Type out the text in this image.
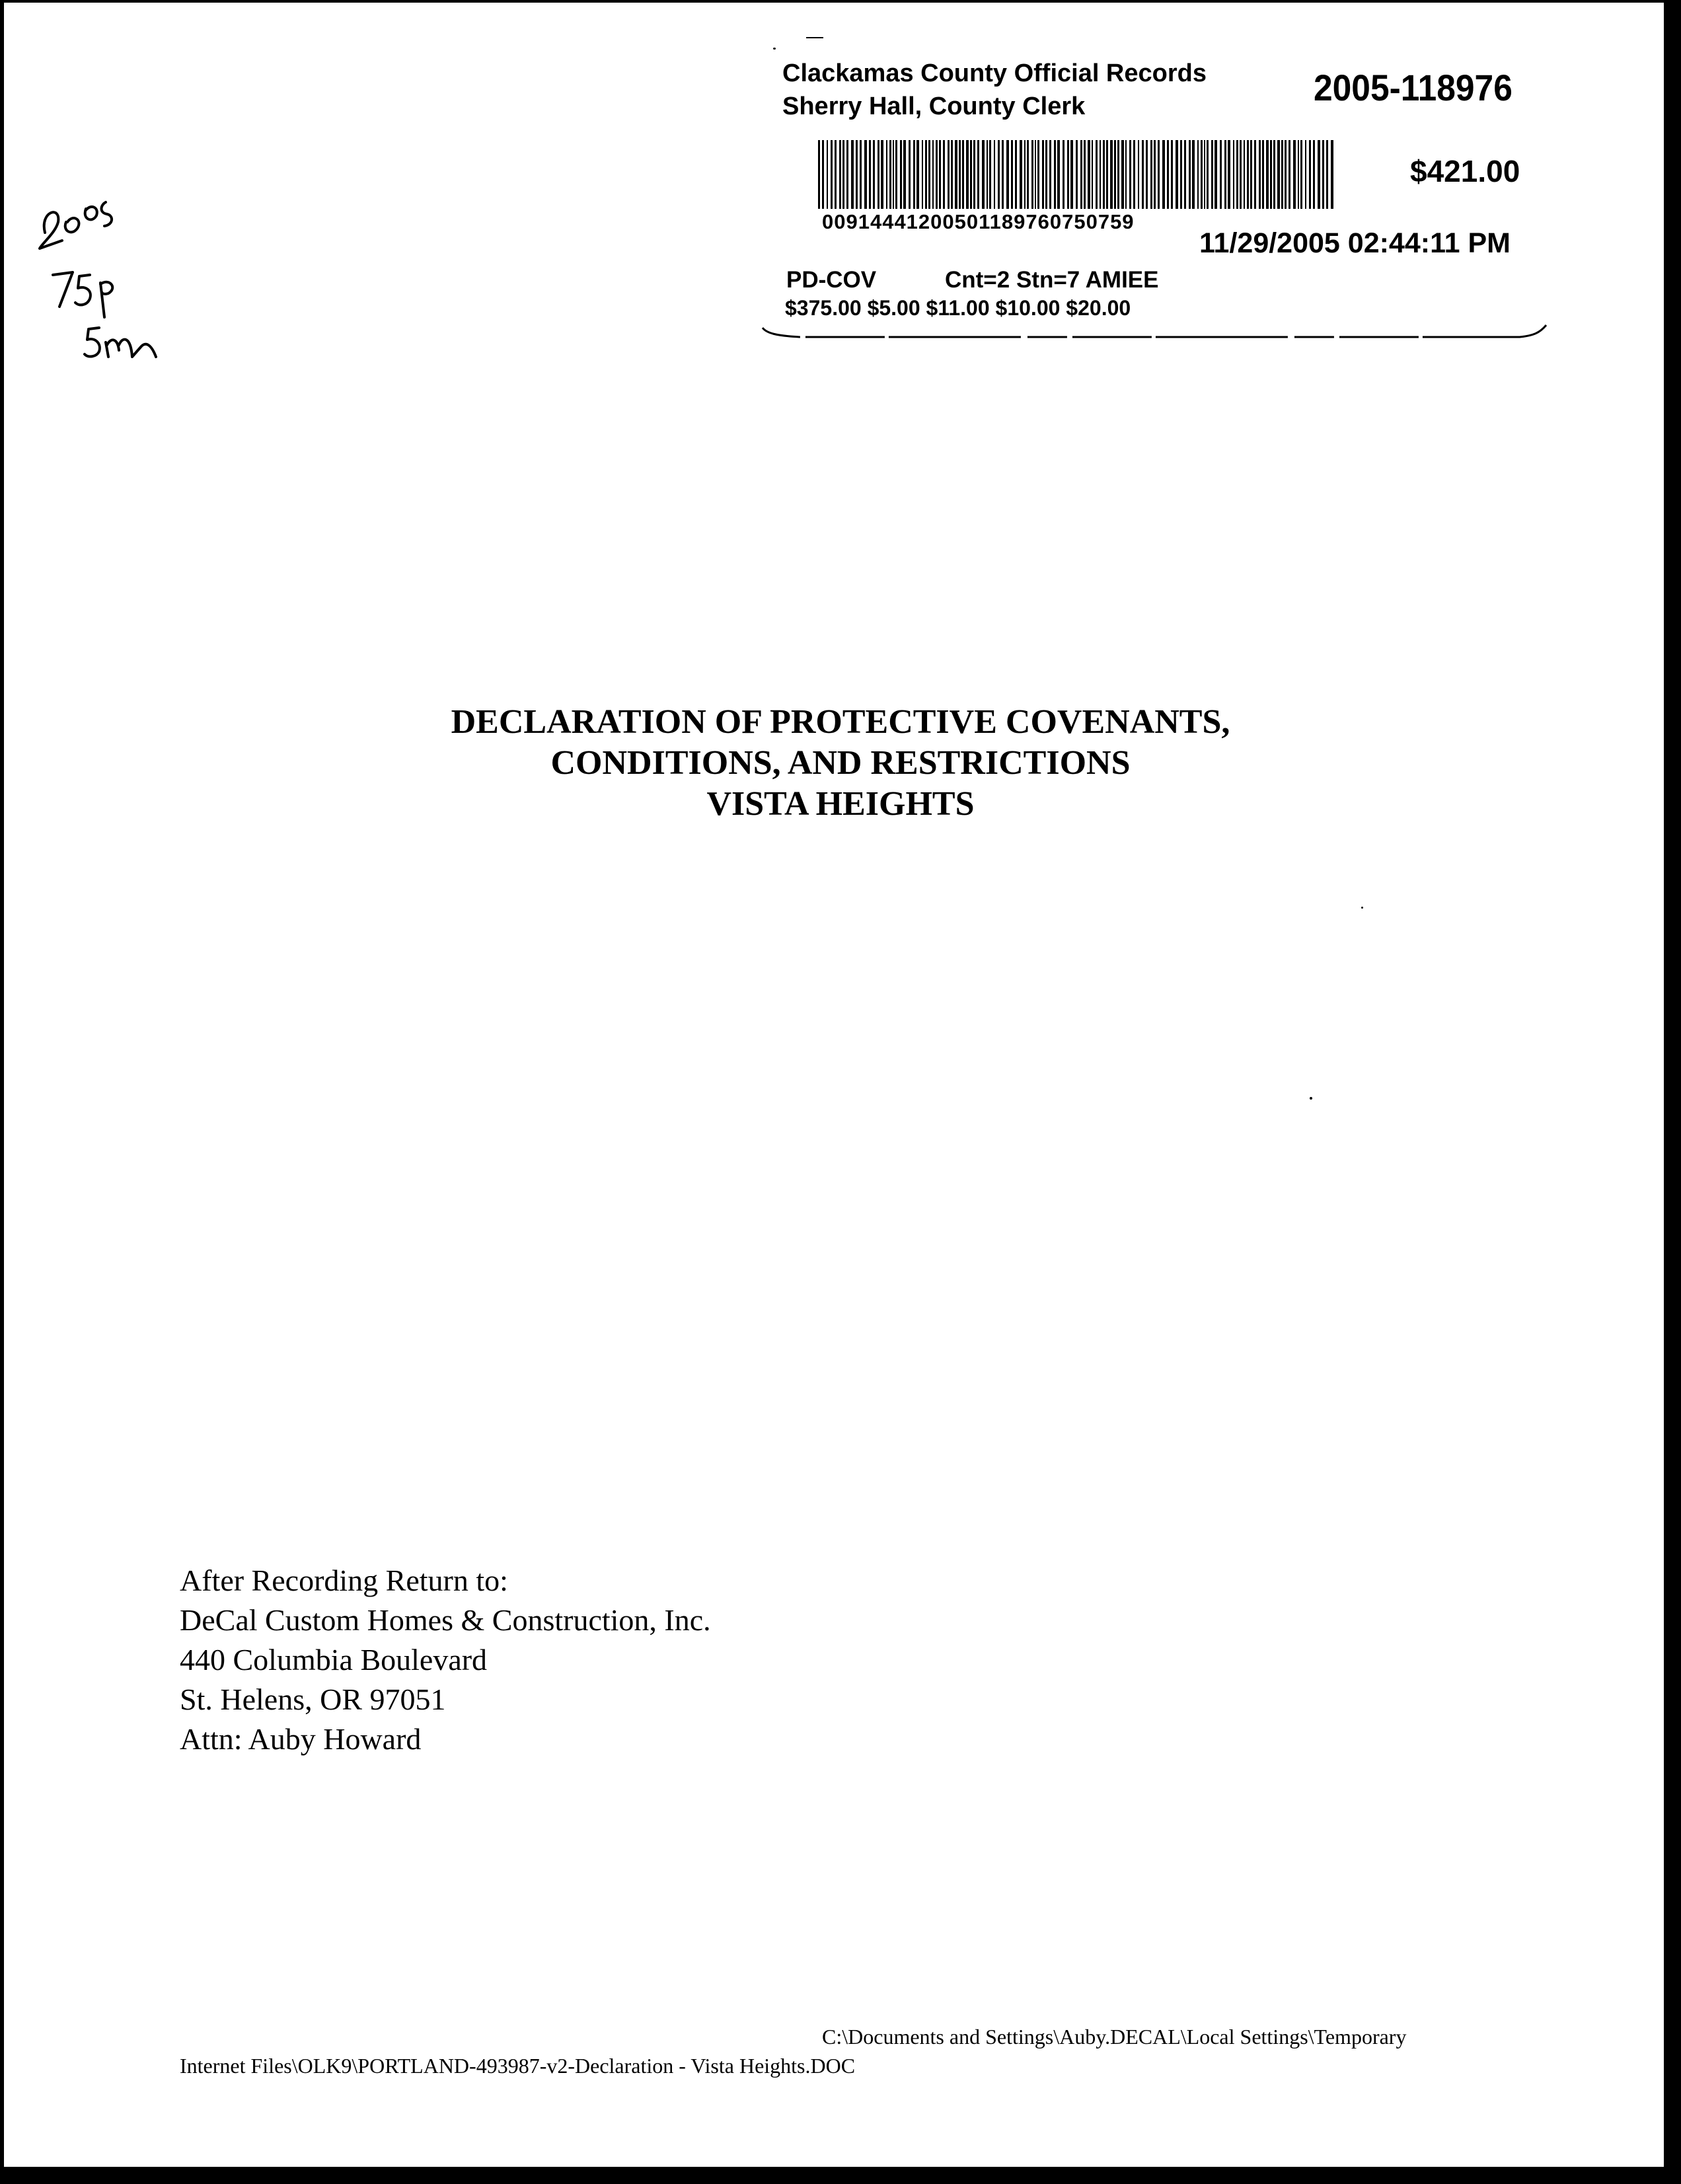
Clackamas County Official Records
Sherry Hall, County Clerk	2005-118976
$421.00
00914441200501189760750759
11/29/2005 02:44:11 PM
PD-COV	Cnt=2 Stn=7 AMIEE
$375.00 $5.00 $11.00 $10.00 $20.00
DECLARATION OF PROTECTIVE COVENANTS,
CONDITIONS, AND RESTRICTIONS
VISTA HEIGHTS
After Recording Return to:
DeCal Custom Homes & Construction, Inc.
440 Columbia Boulevard
St. Helens, OR 97051
Attn: Auby Howard
C:\Documents and Settings\Auby.DECAL\Local Settings\Temporary
Internet Files\OLK9\PORTLAND-493987-v2-Declaration - Vista Heights.DOC
